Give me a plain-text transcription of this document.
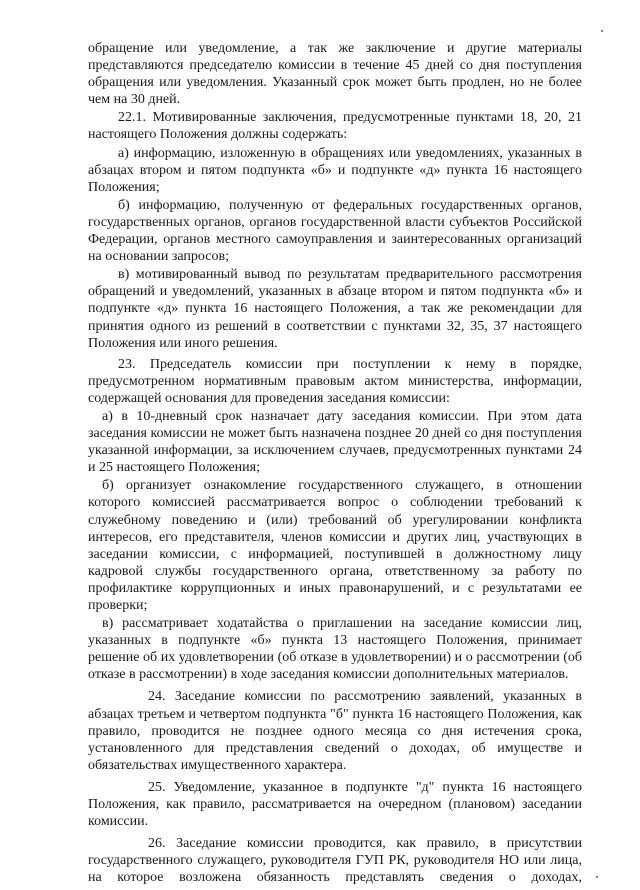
обращение или уведомление, а так же заключение и другие материалы представляются председателю комиссии в течение 45 дней со дня поступления обращения или уведомления. Указанный срок может быть продлен, но не более чем на 30 дней.

22.1. Мотивированные заключения, предусмотренные пунктами 18, 20, 21 настоящего Положения должны содержать:

а) информацию, изложенную в обращениях или уведомлениях, указанных в абзацах втором и пятом подпункта «б» и подпункте «д» пункта 16 настоящего Положения;

б) информацию, полученную от федеральных государственных органов, государственных органов, органов государственной власти субъектов Российской Федерации, органов местного самоуправления и заинтересованных организаций на основании запросов;

в) мотивированный вывод по результатам предварительного рассмотрения обращений и уведомлений, указанных в абзаце втором и пятом подпункта «б» и подпункте «д» пункта 16 настоящего Положения, а так же рекомендации для принятия одного из решений в соответствии с пунктами 32, 35, 37 настоящего Положения или иного решения.

23. Председатель комиссии при поступлении к нему в порядке, предусмотренном нормативным правовым актом министерства, информации, содержащей основания для проведения заседания комиссии:

а) в 10-дневный срок назначает дату заседания комиссии. При этом дата заседания комиссии не может быть назначена позднее 20 дней со дня поступления указанной информации, за исключением случаев, предусмотренных пунктами 24 и 25 настоящего Положения;

б) организует ознакомление государственного служащего, в отношении которого комиссией рассматривается вопрос о соблюдении требований к служебному поведению и (или) требований об урегулировании конфликта интересов, его представителя, членов комиссии и других лиц, участвующих в заседании комиссии, с информацией, поступившей в должностному лицу кадровой службы государственного органа, ответственному за работу по профилактике коррупционных и иных правонарушений, и с результатами ее проверки;

в) рассматривает ходатайства о приглашении на заседание комиссии лиц, указанных в подпункте «б» пункта 13 настоящего Положения, принимает решение об их удовлетворении (об отказе в удовлетворении) и о рассмотрении (об отказе в рассмотрении) в ходе заседания комиссии дополнительных материалов.

24. Заседание комиссии по рассмотрению заявлений, указанных в абзацах третьем и четвертом подпункта "б" пункта 16 настоящего Положения, как правило, проводится не позднее одного месяца со дня истечения срока, установленного для представления сведений о доходах, об имуществе и обязательствах имущественного характера.

25. Уведомление, указанное в подпункте "д" пункта 16 настоящего Положения, как правило, рассматривается на очередном (плановом) заседании комиссии.

26. Заседание комиссии проводится, как правило, в присутствии государственного служащего, руководителя ГУП РК, руководителя НО или лица, на которое возложена обязанность представлять сведения о доходах,
